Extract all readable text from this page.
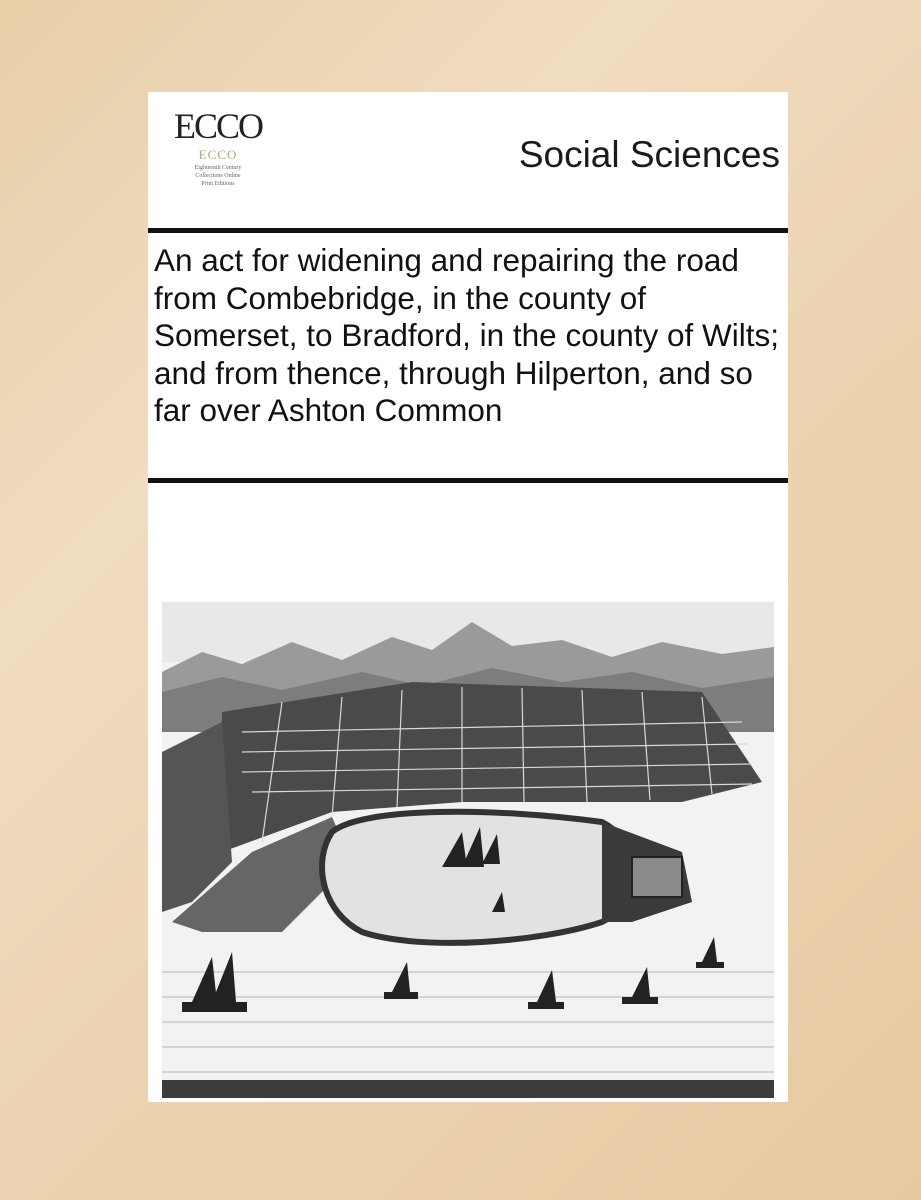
ECCO
ECCO
Eighteenth Century
Collections Online
Print Editions
Social Sciences
An act for widening and repairing the road from Combebridge, in the county of Somerset, to Bradford, in the county of Wilts; and from thence, through Hilperton, and so far over Ashton Common
